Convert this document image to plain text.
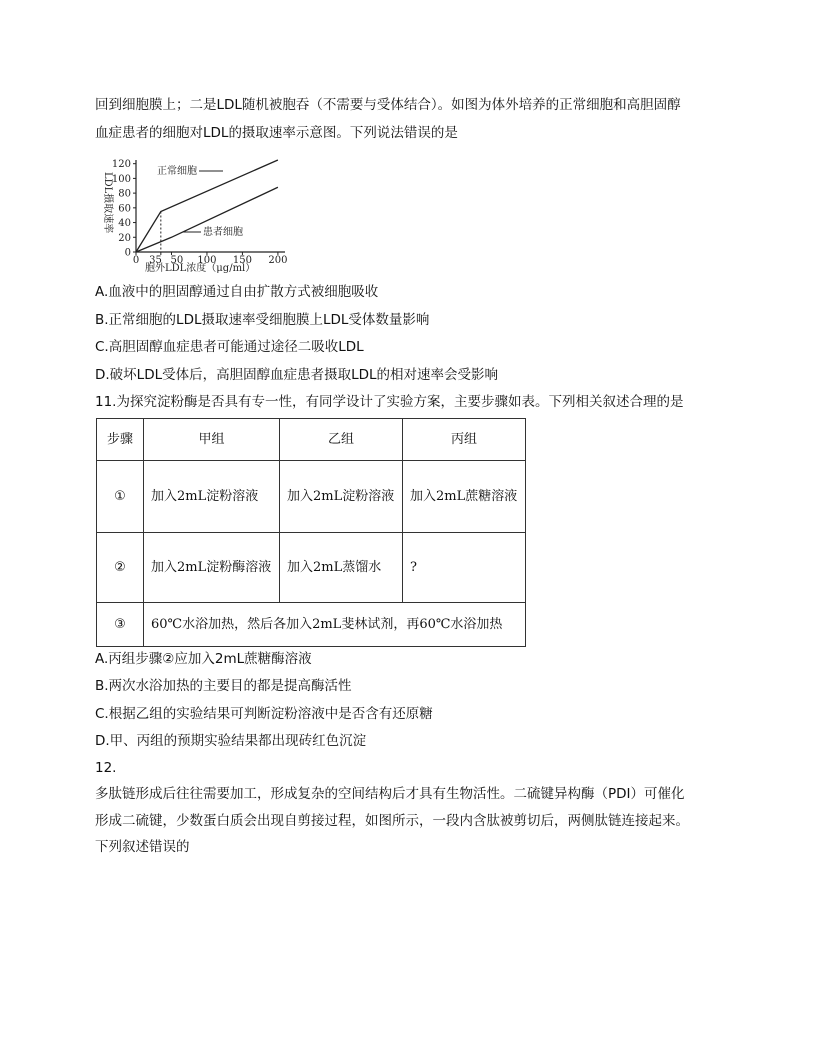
回到细胞膜上；二是LDL随机被胞吞（不需要与受体结合）。如图为体外培养的正常细胞和高胆固醇
血症患者的细胞对LDL的摄取速率示意图。下列说法错误的是
0
20
40
60
80
100
120
0 35 50 100 150 200
LDL摄取速率
胞外LDL浓度（μg/ml）
正常细胞
患者细胞
A.血液中的胆固醇通过自由扩散方式被细胞吸收
B.正常细胞的LDL摄取速率受细胞膜上LDL受体数量影响
C.高胆固醇血症患者可能通过途径二吸收LDL
D.破坏LDL受体后，高胆固醇血症患者摄取LDL的相对速率会受影响
11.为探究淀粉酶是否具有专一性，有同学设计了实验方案，主要步骤如表。下列相关叙述合理的是
步骤	甲组	乙组	丙组
①	加入2mL淀粉溶液	加入2mL淀粉溶液	加入2mL蔗糖溶液
②	加入2mL淀粉酶溶液	加入2mL蒸馏水	?
③	60℃水浴加热，然后各加入2mL斐林试剂，再60℃水浴加热		
A.丙组步骤②应加入2mL蔗糖酶溶液
B.两次水浴加热的主要目的都是提高酶活性
C.根据乙组的实验结果可判断淀粉溶液中是否含有还原糖
D.甲、丙组的预期实验结果都出现砖红色沉淀
12.
多肽链形成后往往需要加工，形成复杂的空间结构后才具有生物活性。二硫键异构酶（PDI）可催化
形成二硫键，少数蛋白质会出现自剪接过程，如图所示，一段内含肽被剪切后，两侧肽链连接起来。
下列叙述错误的
